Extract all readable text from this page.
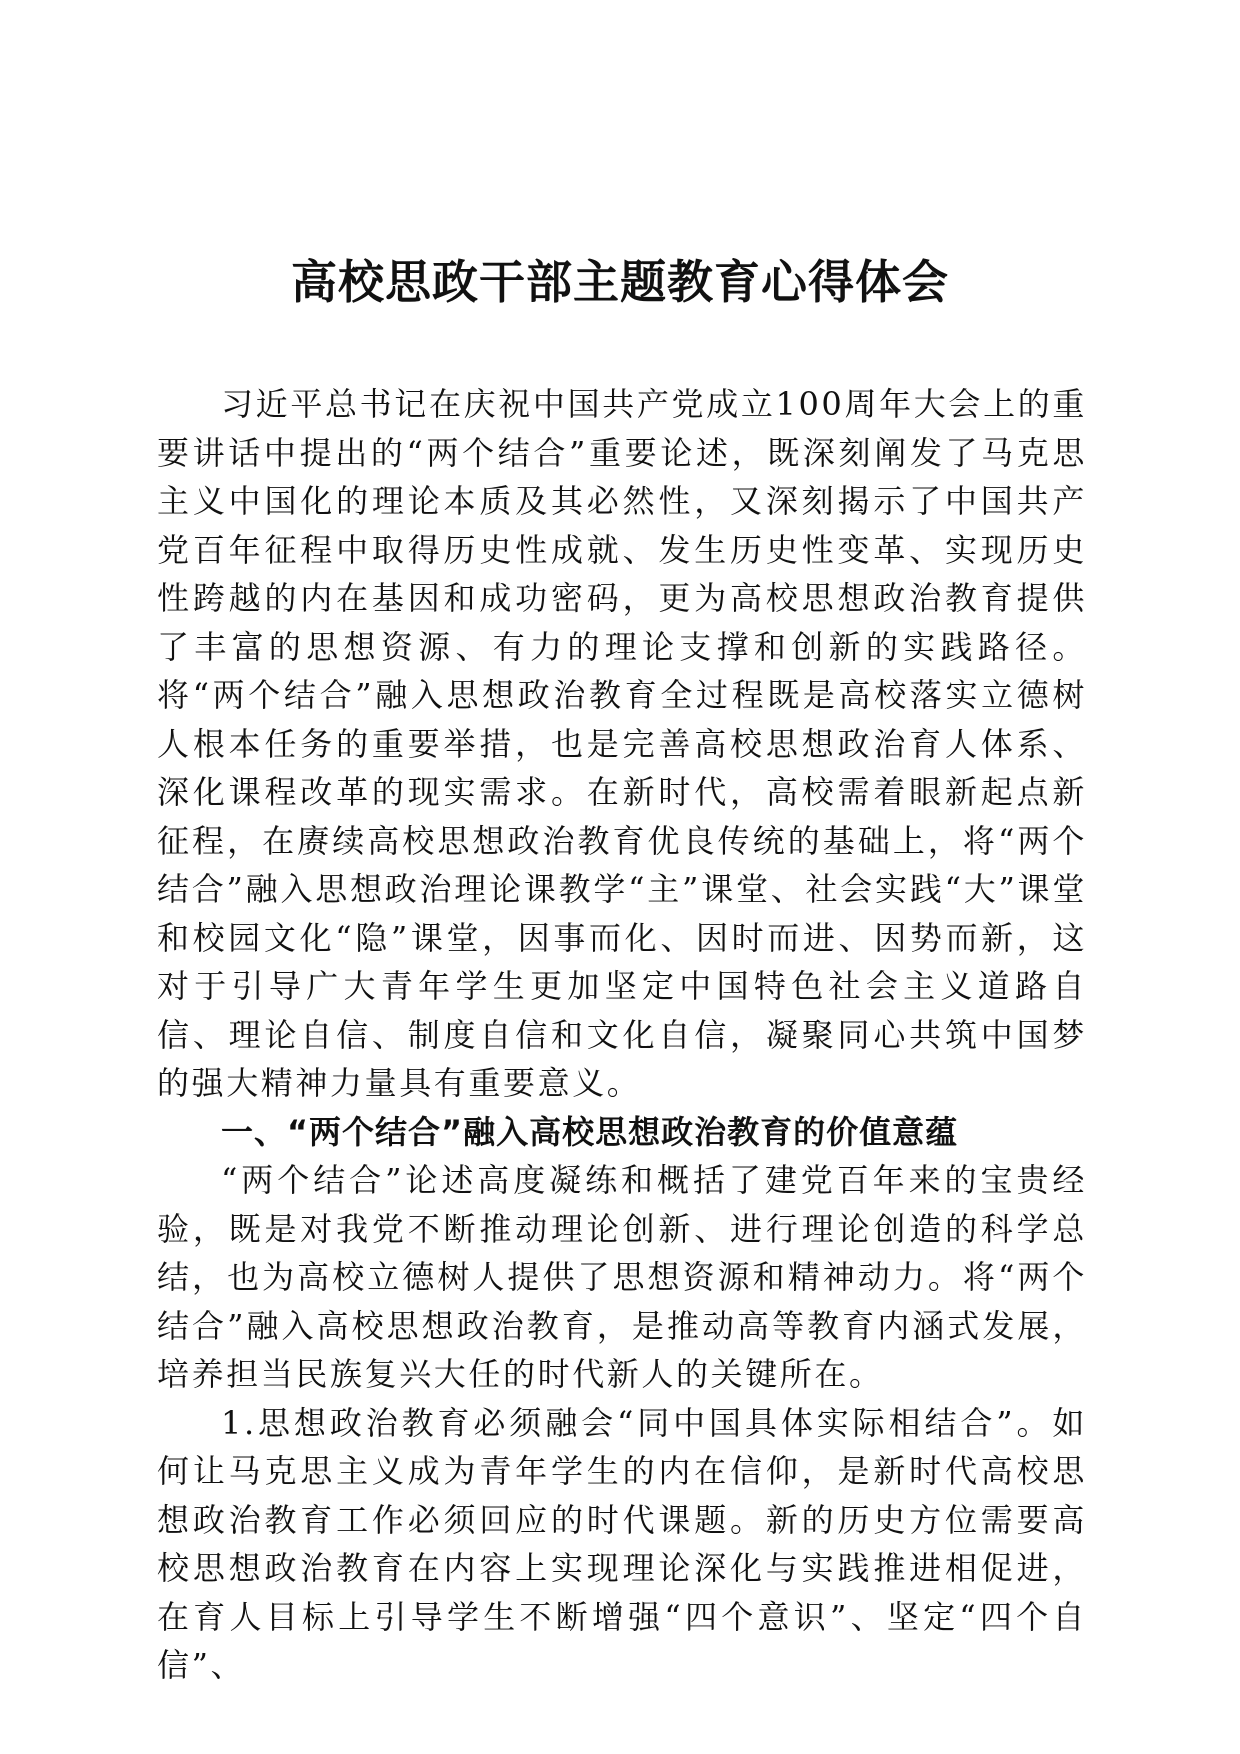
高校思政干部主题教育心得体会

习近平总书记在庆祝中国共产党成立100周年大会上的重要讲话中提出的“两个结合”重要论述，既深刻阐发了马克思主义中国化的理论本质及其必然性，又深刻揭示了中国共产党百年征程中取得历史性成就、发生历史性变革、实现历史性跨越的内在基因和成功密码，更为高校思想政治教育提供了丰富的思想资源、有力的理论支撑和创新的实践路径。将“两个结合”融入思想政治教育全过程既是高校落实立德树人根本任务的重要举措，也是完善高校思想政治育人体系、深化课程改革的现实需求。在新时代，高校需着眼新起点新征程，在赓续高校思想政治教育优良传统的基础上，将“两个结合”融入思想政治理论课教学“主”课堂、社会实践“大”课堂和校园文化“隐”课堂，因事而化、因时而进、因势而新，这对于引导广大青年学生更加坚定中国特色社会主义道路自信、理论自信、制度自信和文化自信，凝聚同心共筑中国梦的强大精神力量具有重要意义。

一、“两个结合”融入高校思想政治教育的价值意蕴

“两个结合”论述高度凝练和概括了建党百年来的宝贵经验，既是对我党不断推动理论创新、进行理论创造的科学总结，也为高校立德树人提供了思想资源和精神动力。将“两个结合”融入高校思想政治教育，是推动高等教育内涵式发展，培养担当民族复兴大任的时代新人的关键所在。

1.思想政治教育必须融会“同中国具体实际相结合”。如何让马克思主义成为青年学生的内在信仰，是新时代高校思想政治教育工作必须回应的时代课题。新的历史方位需要高校思想政治教育在内容上实现理论深化与实践推进相促进，在育人目标上引导学生不断增强“四个意识”、坚定“四个自信”、
